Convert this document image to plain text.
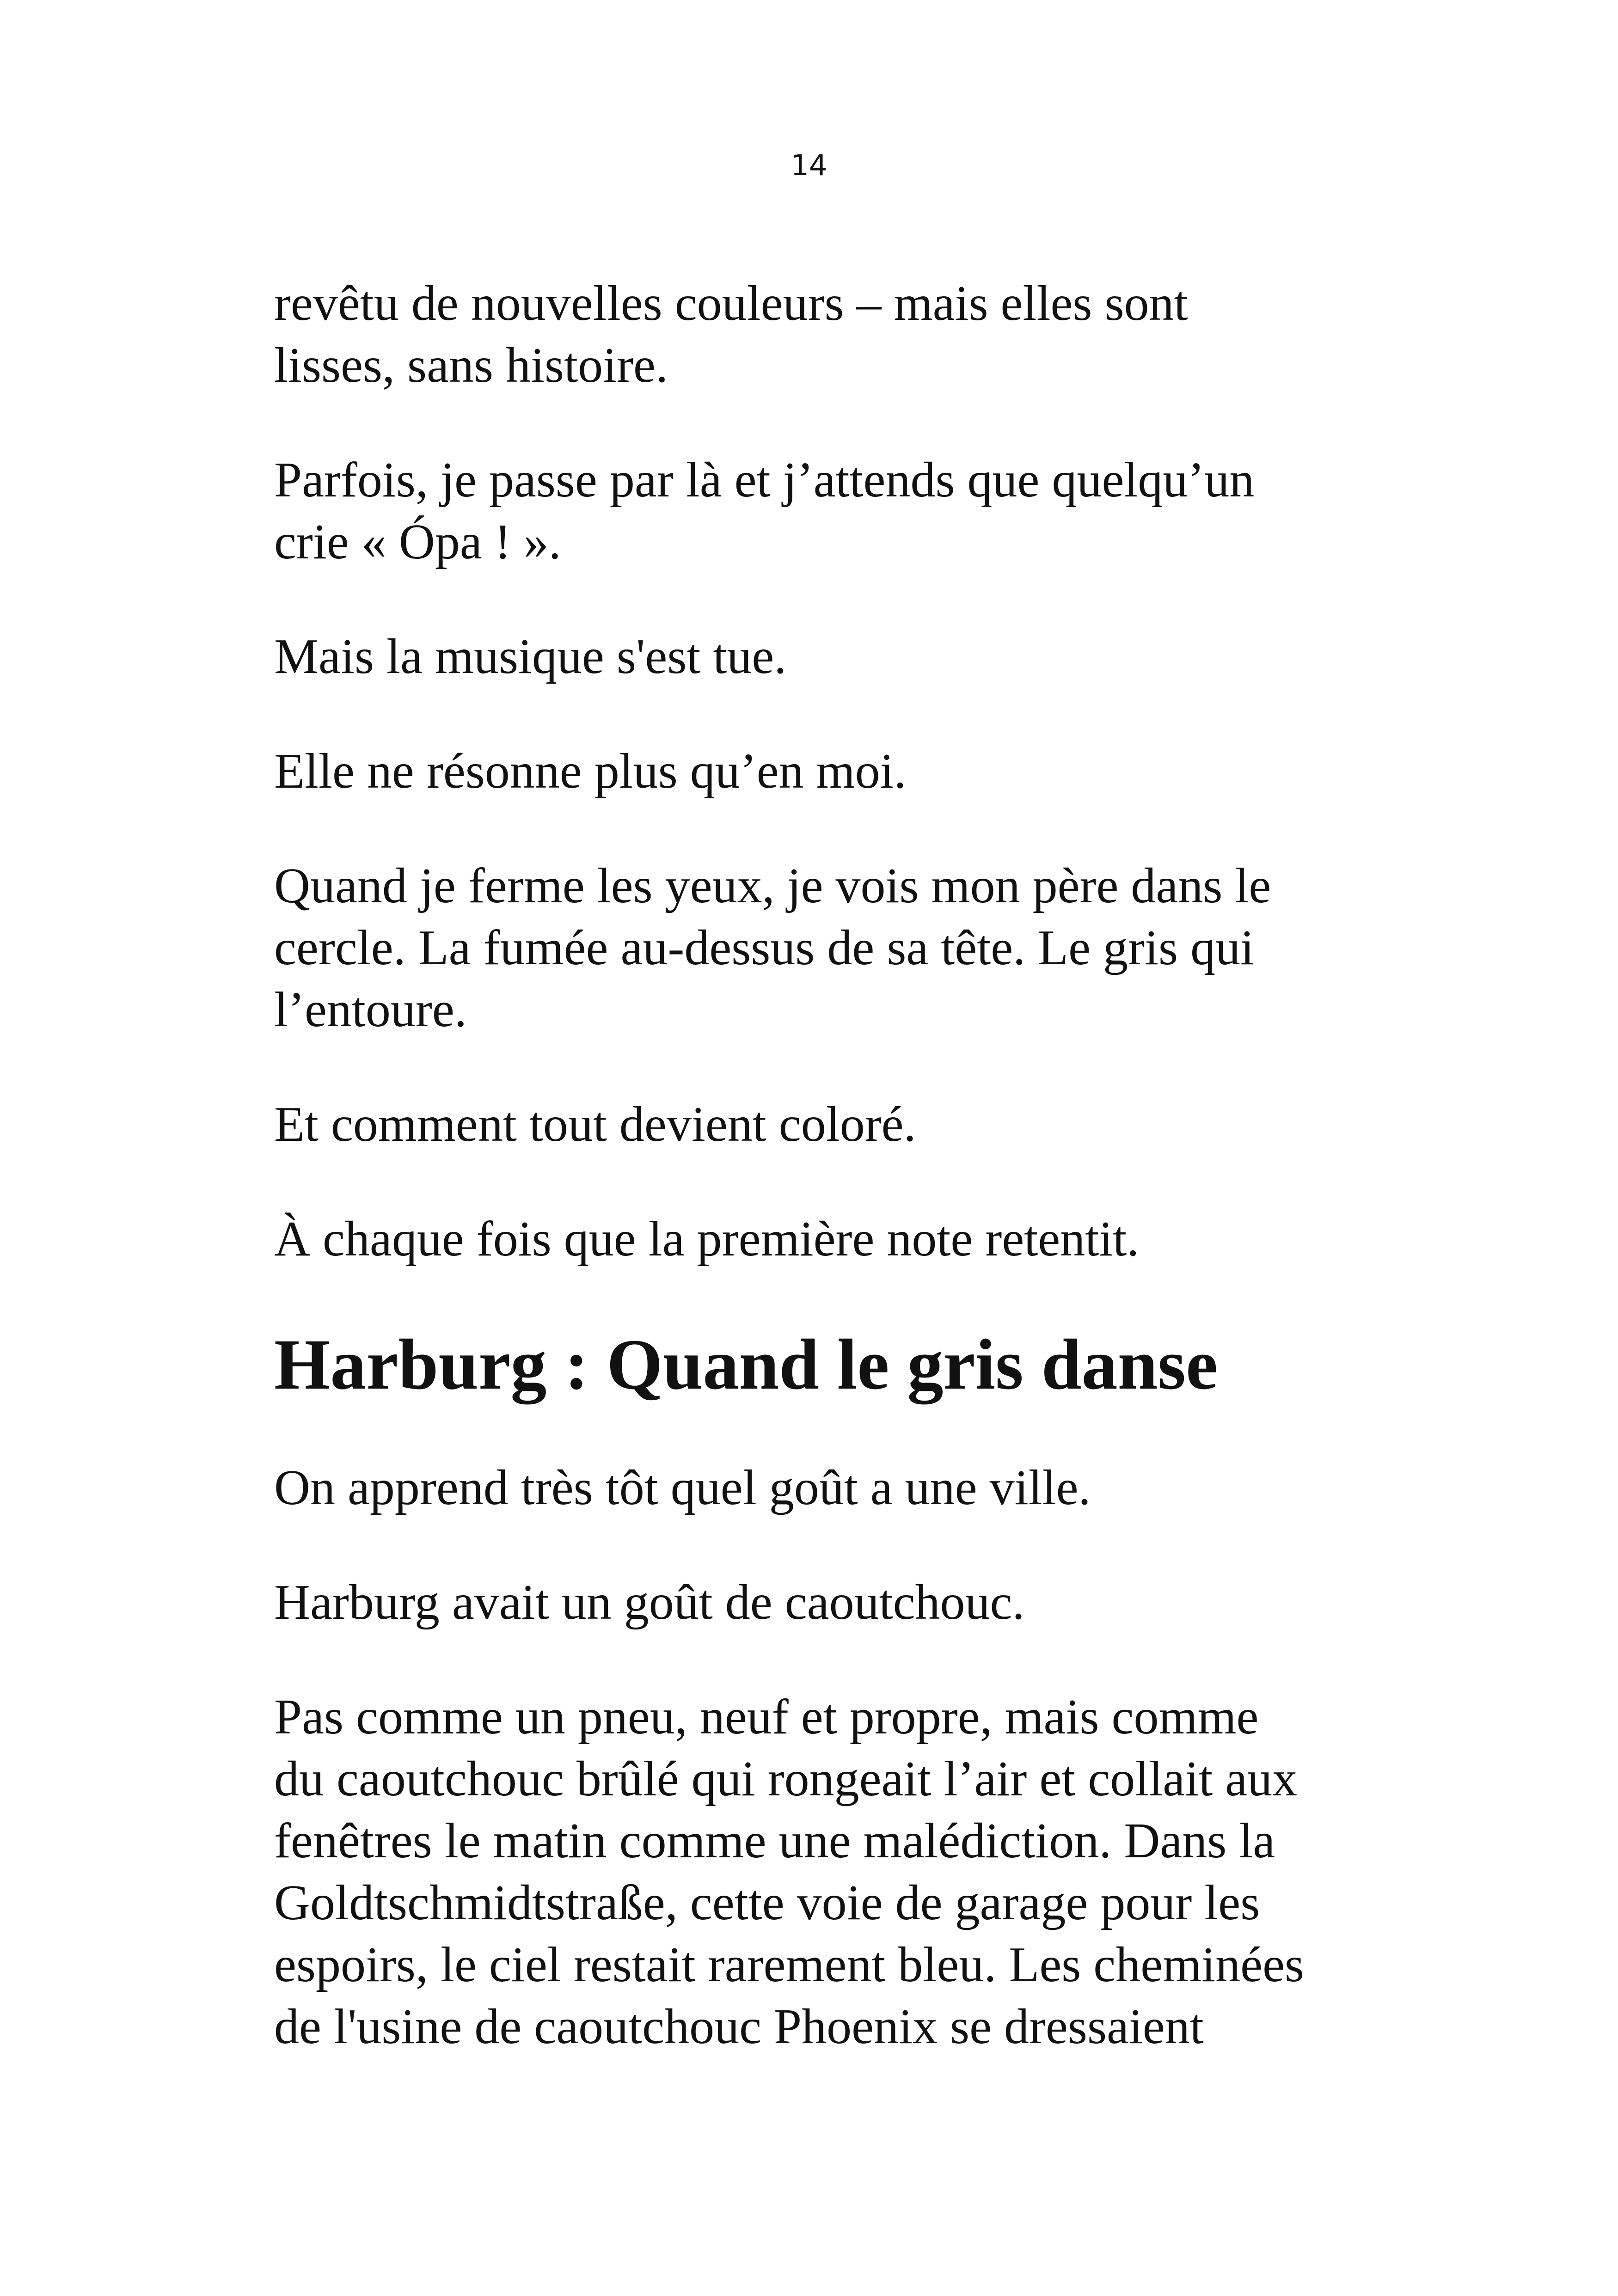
14

revêtu de nouvelles couleurs – mais elles sont
lisses, sans histoire.

Parfois, je passe par là et j’attends que quelqu’un
crie « Ópa ! ».

Mais la musique s'est tue.

Elle ne résonne plus qu’en moi.

Quand je ferme les yeux, je vois mon père dans le
cercle. La fumée au-dessus de sa tête. Le gris qui
l’entoure.

Et comment tout devient coloré.

À chaque fois que la première note retentit.

Harburg : Quand le gris danse

On apprend très tôt quel goût a une ville.

Harburg avait un goût de caoutchouc.

Pas comme un pneu, neuf et propre, mais comme
du caoutchouc brûlé qui rongeait l’air et collait aux
fenêtres le matin comme une malédiction. Dans la
Goldtschmidtstraße, cette voie de garage pour les
espoirs, le ciel restait rarement bleu. Les cheminées
de l'usine de caoutchouc Phoenix se dressaient
